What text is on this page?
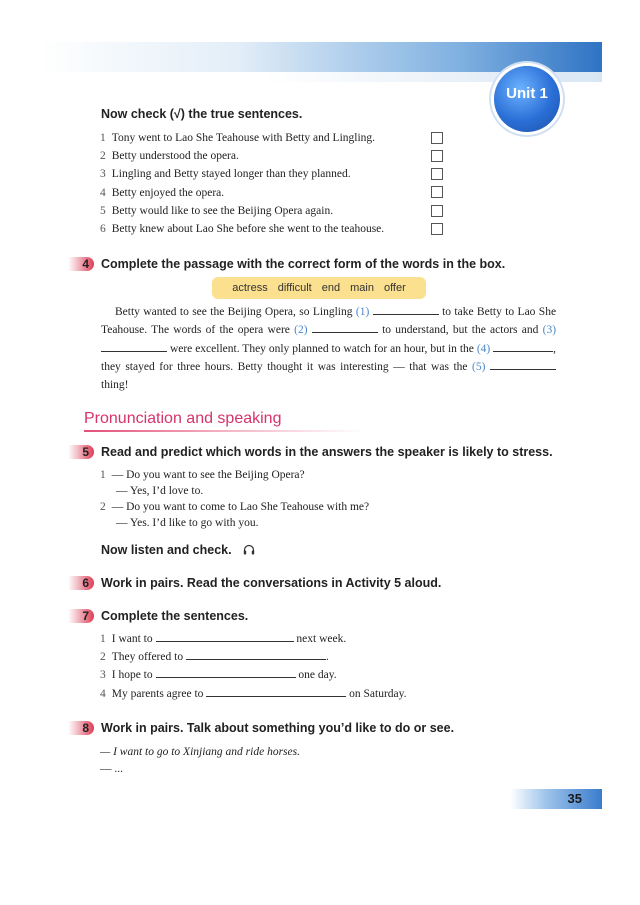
Unit 1
Now check (√) the true sentences.
1 Tony went to Lao She Teahouse with Betty and Lingling.
2 Betty understood the opera.
3 Lingling and Betty stayed longer than they planned.
4 Betty enjoyed the opera.
5 Betty would like to see the Beijing Opera again.
6 Betty knew about Lao She before she went to the teahouse.
4 Complete the passage with the correct form of the words in the box.
actress difficult end main offer

Betty wanted to see the Beijing Opera, so Lingling (1)	to take Betty to Lao She Teahouse. The words of the opera were (2)	to understand, but the actors and (3)  were excellent. They only planned to watch for an hour, but in the (4)	, they stayed for three hours. Betty thought it was interesting — that was the (5)  thing!

Pronunciation and speaking
5 Read and predict which words in the answers the speaker is likely to stress.
1 — Do you want to see the Beijing Opera?
— Yes, I’d love to.
2 — Do you want to come to Lao She Teahouse with me?
— Yes. I’d like to go with you.
Now listen and check.
6 Work in pairs. Read the conversations in Activity 5 aloud.
7 Complete the sentences.
1 I want to	next week.
2 They offered to	.
3 I hope to	one day.
4 My parents agree to	on Saturday.
8 Work in pairs. Talk about something you’d like to do or see.
— I want to go to Xinjiang and ride horses.
— ...
35
